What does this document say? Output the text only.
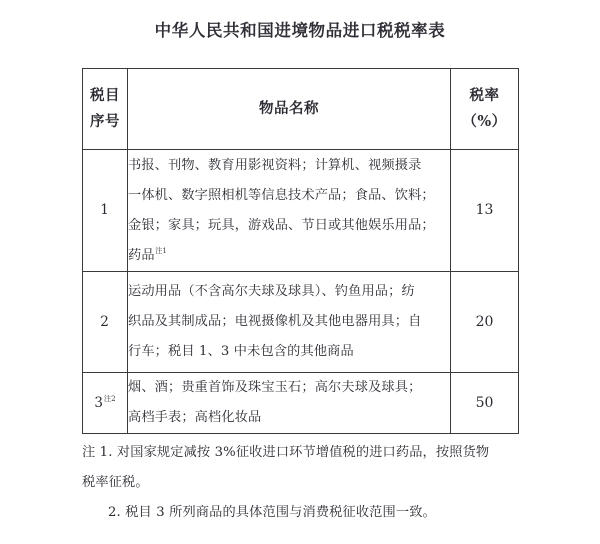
中华人民共和国进境物品进口税税率表
税目
序号	物品名称	税率
（%）

1	书报、刊物、教育用影视资料；计算机、视频摄录
一体机、数字照相机等信息技术产品；食品、饮料；
金银；家具；玩具，游戏品、节日或其他娱乐用品；
药品$^{注1}$	13
2	运动用品（不含高尔夫球及球具）、钓鱼用品；纺
织品及其制成品；电视摄像机及其他电器用具；自
行车；税目 1、3 中未包含的其他商品	20
3$^{注2}$	烟、酒；贵重首饰及珠宝玉石；高尔夫球及球具；
高档手表；高档化妆品	50
注 1. 对国家规定减按 3%征收进口环节增值税的进口药品，按照货物
税率征税。
2. 税目 3 所列商品的具体范围与消费税征收范围一致。
